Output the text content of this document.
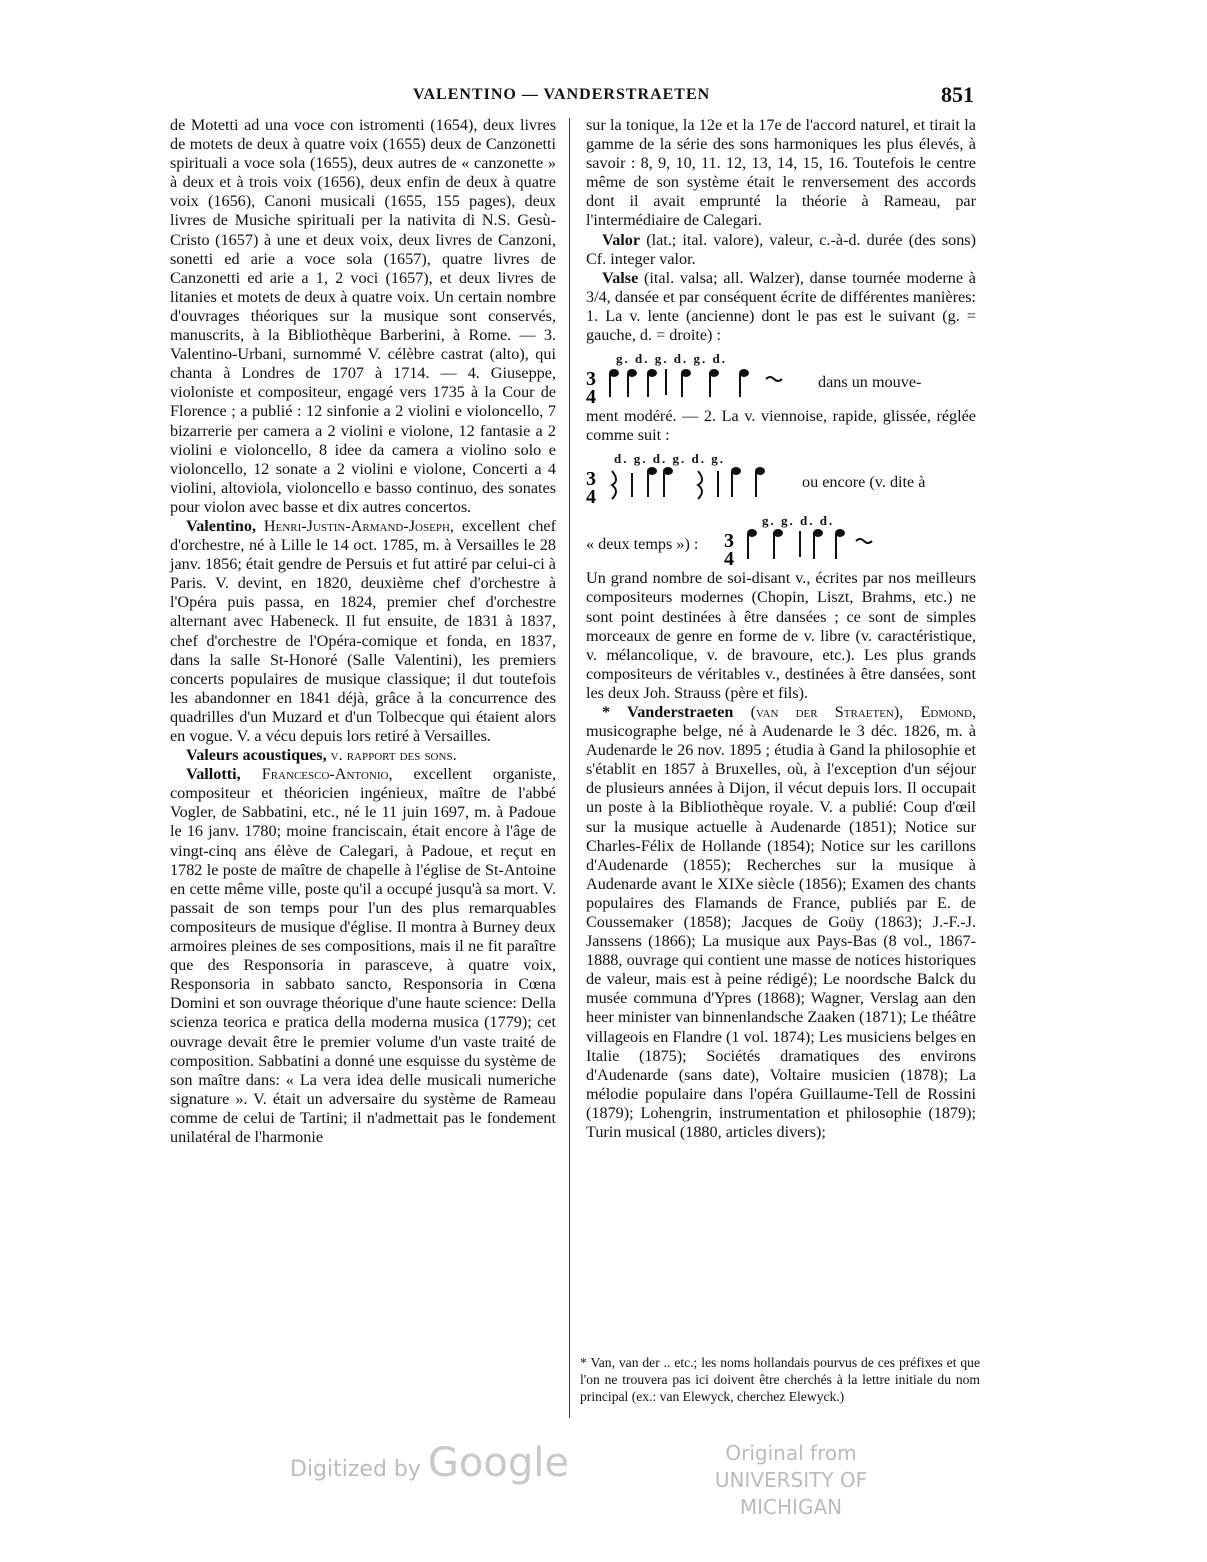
VALENTINO — VANDERSTRAETEN	851

de Motetti ad una voce con istromenti (1654), deux livres de motets de deux à quatre voix (1655) deux de Canzonetti spirituali a voce sola (1655), deux autres de « canzonette » à deux et à trois voix (1656), deux enfin de deux à quatre voix (1656), Canoni musicali (1655, 155 pages), deux livres de Musiche spirituali per la nativita di N.S. Gesù-Cristo (1657) à une et deux voix, deux livres de Canzoni, sonetti ed arie a voce sola (1657), quatre livres de Canzonetti ed arie a 1, 2 voci (1657), et deux livres de litanies et motets de deux à quatre voix. Un certain nombre d'ouvrages théoriques sur la musique sont conservés, manuscrits, à la Bibliothèque Barberini, à Rome. — 3. Valentino-Urbani, surnommé V. célèbre castrat (alto), qui chanta à Londres de 1707 à 1714. — 4. Giuseppe, violoniste et compositeur, engagé vers 1735 à la Cour de Florence ; a publié : 12 sinfonie a 2 violini e violoncello, 7 bizarrerie per camera a 2 violini e violone, 12 fantasie a 2 violini e violoncello, 8 idee da camera a violino solo e violoncello, 12 sonate a 2 violini e violone, Concerti a 4 violini, altoviola, violoncello e basso continuo, des sonates pour violon avec basse et dix autres concertos.

Valentino, Henri-Justin-Armand-Joseph, excellent chef d'orchestre, né à Lille le 14 oct. 1785, m. à Versailles le 28 janv. 1856; était gendre de Persuis et fut attiré par celui-ci à Paris. V. devint, en 1820, deuxième chef d'orchestre à l'Opéra puis passa, en 1824, premier chef d'orchestre alternant avec Habeneck. Il fut ensuite, de 1831 à 1837, chef d'orchestre de l'Opéra-comique et fonda, en 1837, dans la salle St-Honoré (Salle Valentini), les premiers concerts populaires de musique classique; il dut toutefois les abandonner en 1841 déjà, grâce à la concurrence des quadrilles d'un Muzard et d'un Tolbecque qui étaient alors en vogue. V. a vécu depuis lors retiré à Versailles.

Valeurs acoustiques, v. rapport des sons.

Vallotti, Francesco-Antonio, excellent organiste, compositeur et théoricien ingénieux, maître de l'abbé Vogler, de Sabbatini, etc., né le 11 juin 1697, m. à Padoue le 16 janv. 1780; moine franciscain, était encore à l'âge de vingt-cinq ans élève de Calegari, à Padoue, et reçut en 1782 le poste de maître de chapelle à l'église de St-Antoine en cette même ville, poste qu'il a occupé jusqu'à sa mort. V. passait de son temps pour l'un des plus remarquables compositeurs de musique d'église. Il montra à Burney deux armoires pleines de ses compositions, mais il ne fit paraître que des Responsoria in parasceve, à quatre voix, Responsoria in sabbato sancto, Responsoria in Cœna Domini et son ouvrage théorique d'une haute science: Della scienza teorica e pratica della moderna musica (1779); cet ouvrage devait être le premier volume d'un vaste traité de composition. Sabbatini a donné une esquisse du système de son maître dans: « La vera idea delle musicali numeriche signature ». V. était un adversaire du système de Rameau comme de celui de Tartini; il n'admettait pas le fondement unilatéral de l'harmonie

sur la tonique, la 12e et la 17e de l'accord naturel, et tirait la gamme de la série des sons harmoniques les plus élevés, à savoir : 8, 9, 10, 11. 12, 13, 14, 15, 16. Toutefois le centre même de son système était le renversement des accords dont il avait emprunté la théorie à Rameau, par l'intermédiaire de Calegari.

Valor (lat.; ital. valore), valeur, c.-à-d. durée (des sons) Cf. integer valor.

Valse (ital. valsa; all. Walzer), danse tournée moderne à 3/4, dansée et par conséquent écrite de différentes manières: 1. La v. lente (ancienne) dont le pas est le suivant (g. = gauche, d. = droite) :

g. d. g. d. g. d.
3
4
dans un mouve-

ment modéré. — 2. La v. viennoise, rapide, glissée, réglée comme suit :

d. g. d. g. d. g.
3
4
ou encore (v. dite à
« deux temps ») :
g. g. d. d.
3
4

Un grand nombre de soi-disant v., écrites par nos meilleurs compositeurs modernes (Chopin, Liszt, Brahms, etc.) ne sont point destinées à être dansées ; ce sont de simples morceaux de genre en forme de v. libre (v. caractéristique, v. mélancolique, v. de bravoure, etc.). Les plus grands compositeurs de véritables v., destinées à être dansées, sont les deux Joh. Strauss (père et fils).

* Vanderstraeten (van der Straeten), Edmond, musicographe belge, né à Audenarde le 3 déc. 1826, m. à Audenarde le 26 nov. 1895 ; étudia à Gand la philosophie et s'établit en 1857 à Bruxelles, où, à l'exception d'un séjour de plusieurs années à Dijon, il vécut depuis lors. Il occupait un poste à la Bibliothèque royale. V. a publié: Coup d'œil sur la musique actuelle à Audenarde (1851); Notice sur Charles-Félix de Hollande (1854); Notice sur les carillons d'Audenarde (1855); Recherches sur la musique à Audenarde avant le XIXe siècle (1856); Examen des chants populaires des Flamands de France, publiés par E. de Coussemaker (1858); Jacques de Goüy (1863); J.-F.-J. Janssens (1866); La musique aux Pays-Bas (8 vol., 1867-1888, ouvrage qui contient une masse de notices historiques de valeur, mais est à peine rédigé); Le noordsche Balck du musée communa d'Ypres (1868); Wagner, Verslag aan den heer minister van binnenlandsche Zaaken (1871); Le théâtre villageois en Flandre (1 vol. 1874); Les musiciens belges en Italie (1875); Sociétés dramatiques des environs d'Audenarde (sans date), Voltaire musicien (1878); La mélodie populaire dans l'opéra Guillaume-Tell de Rossini (1879); Lohengrin, instrumentation et philosophie (1879); Turin musical (1880, articles divers);

* Van, van der .. etc.; les noms hollandais pourvus de ces préfixes et que l'on ne trouvera pas ici doivent être cherchés à la lettre initiale du nom principal (ex.: van Elewyck, cherchez Elewyck.)
Digitized by Google	Original from
UNIVERSITY OF MICHIGAN
